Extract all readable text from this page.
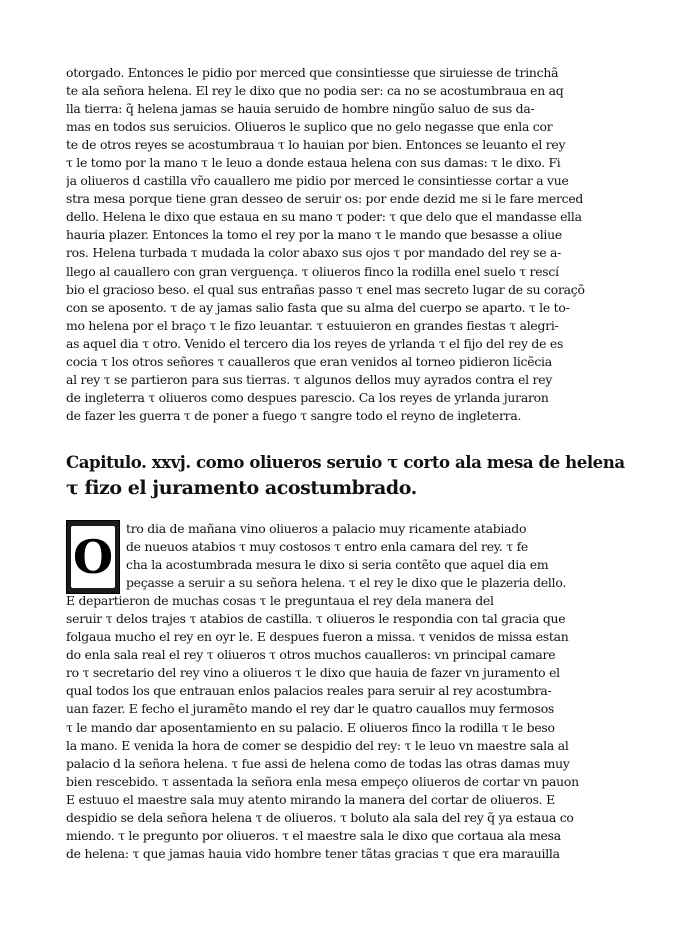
otorgado. Entonces le pidio por merced que consintiesse que siruiesse de trinchã
te ala señora helena. El rey le dixo que no podia ser: ca no se acostumbraua en aq
lla tierra: q̃ helena jamas se hauia seruido de hombre ningũo saluo de sus da-
mas en todos sus seruicios. Oliueros le suplico que no gelo negasse que enla cor
te de otros reyes se acostumbraua τ lo hauian por bien. Entonces se leuanto el rey
τ le tomo por la mano τ le leuo a donde estaua helena con sus damas: τ le dixo. Fi
ja oliueros d castilla vr̃o cauallero me pidio por merced le consintiesse cortar a vue
stra mesa porque tiene gran desseo de seruir os: por ende dezid me si le fare merced
dello. Helena le dixo que estaua en su mano τ poder: τ que delo que el mandasse ella
hauria plazer. Entonces la tomo el rey por la mano τ le mando que besasse a oliue
ros. Helena turbada τ mudada la color abaxo sus ojos τ por mandado del rey se a-
llego al cauallero con gran verguença. τ oliueros finco la rodilla enel suelo τ rescí
bio el gracioso beso. el qual sus entrañas passo τ enel mas secreto lugar de su coraçõ
con se aposento. τ de ay jamas salio fasta que su alma del cuerpo se aparto. τ le to-
mo helena por el braço τ le fizo leuantar. τ estuuieron en grandes fiestas τ alegri-
as aquel dia τ otro. Venido el tercero dia los reyes de yrlanda τ el fijo del rey de es
cocia τ los otros señores τ caualleros que eran venidos al torneo pidieron licẽcia
al rey τ se partieron para sus tierras. τ algunos dellos muy ayrados contra el rey
de ingleterra τ oliueros como despues parescio. Ca los reyes de yrlanda juraron
de fazer les guerra τ de poner a fuego τ sangre todo el reyno de ingleterra.
Capitulo. xxvj. como oliueros seruio τ corto ala mesa de helena
τ fizo el juramento acostumbrado.
O
tro dia de mañana vino oliueros a palacio muy ricamente atabiado
de nueuos atabios τ muy costosos τ entro enla camara del rey. τ fe
cha la acostumbrada mesura le dixo si seria contẽto que aquel dia em
peçasse a seruir a su señora helena. τ el rey le dixo que le plazeria dello.
E departieron de muchas cosas τ le preguntaua el rey dela manera del
seruir τ delos trajes τ atabios de castilla. τ oliueros le respondia con tal gracia que
folgaua mucho el rey en oyr le. E despues fueron a missa. τ venidos de missa estan
do enla sala real el rey τ oliueros τ otros muchos caualleros: vn principal camare
ro τ secretario del rey vino a oliueros τ le dixo que hauia de fazer vn juramento el
qual todos los que entrauan enlos palacios reales para seruir al rey acostumbra-
uan fazer. E fecho el juramẽto mando el rey dar le quatro cauallos muy fermosos
τ le mando dar aposentamiento en su palacio. E oliueros finco la rodilla τ le beso
la mano. E venida la hora de comer se despidio del rey: τ le leuo vn maestre sala al
palacio d la señora helena. τ fue assi de helena como de todas las otras damas muy
bien rescebido. τ assentada la señora enla mesa empeço oliueros de cortar vn pauon
E estuuo el maestre sala muy atento mirando la manera del cortar de oliueros. E
despidio se dela señora helena τ de oliueros. τ boluto ala sala del rey q̃ ya estaua co
miendo. τ le pregunto por oliueros. τ el maestre sala le dixo que cortaua ala mesa
de helena: τ que jamas hauia vido hombre tener tãtas gracias τ que era marauilla
